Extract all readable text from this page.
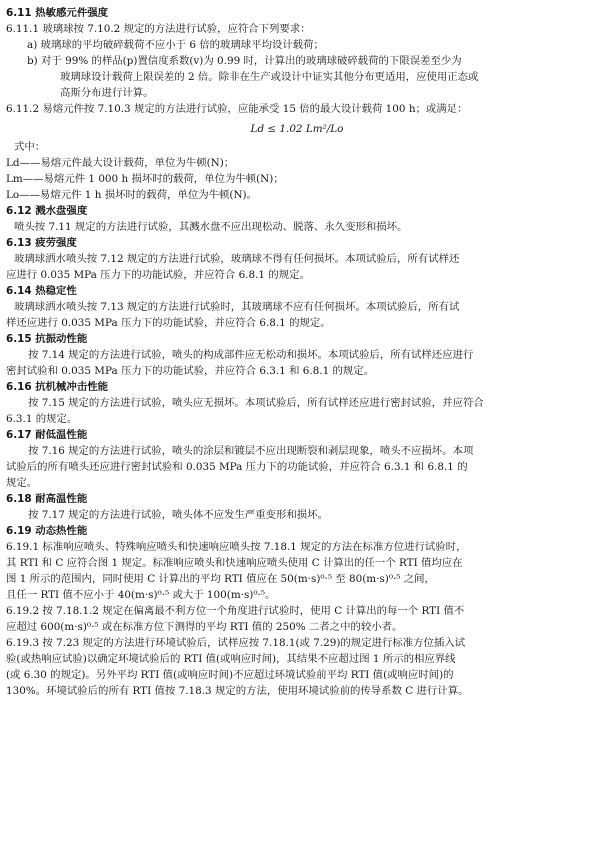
6.11 热敏感元件强度
6.11.1 玻璃球按 7.10.2 规定的方法进行试验，应符合下列要求：
a) 玻璃球的平均破碎载荷不应小于 6 倍的玻璃球平均设计载荷；
b) 对于 99% 的样品(p)置信度系数(v)为 0.99 时，计算出的玻璃球破碎载荷的下限误差至少为
玻璃球设计载荷上限误差的 2 倍。除非在生产或设计中证实其他分布更适用，应使用正态或
高斯分布进行计算。
6.11.2 易熔元件按 7.10.3 规定的方法进行试验，应能承受 15 倍的最大设计载荷 100 h；或满足：
Ld ≤ 1.02 Lm²/Lo
式中：
Ld——易熔元件最大设计载荷，单位为牛顿(N)；
Lm——易熔元件 1 000 h 损坏时的载荷，单位为牛顿(N)；
Lo——易熔元件 1 h 损坏时的载荷，单位为牛顿(N)。
6.12 溅水盘强度
喷头按 7.11 规定的方法进行试验，其溅水盘不应出现松动、脱落、永久变形和损坏。
6.13 疲劳强度
玻璃球洒水喷头按 7.12 规定的方法进行试验，玻璃球不得有任何损坏。本项试验后，所有试样还
应进行 0.035 MPa 压力下的功能试验，并应符合 6.8.1 的规定。
6.14 热稳定性
玻璃球洒水喷头按 7.13 规定的方法进行试验时，其玻璃球不应有任何损坏。本项试验后，所有试
样还应进行 0.035 MPa 压力下的功能试验，并应符合 6.8.1 的规定。
6.15 抗振动性能
按 7.14 规定的方法进行试验，喷头的构成部件应无松动和损坏。本项试验后，所有试样还应进行
密封试验和 0.035 MPa 压力下的功能试验，并应符合 6.3.1 和 6.8.1 的规定。
6.16 抗机械冲击性能
按 7.15 规定的方法进行试验，喷头应无损坏。本项试验后，所有试样还应进行密封试验，并应符合
6.3.1 的规定。
6.17 耐低温性能
按 7.16 规定的方法进行试验，喷头的涂层和镀层不应出现断裂和剥层现象，喷头不应损坏。本项
试验后的所有喷头还应进行密封试验和 0.035 MPa 压力下的功能试验，并应符合 6.3.1 和 6.8.1 的
规定。
6.18 耐高温性能
按 7.17 规定的方法进行试验，喷头体不应发生严重变形和损坏。
6.19 动态热性能
6.19.1 标准响应喷头、特殊响应喷头和快速响应喷头按 7.18.1 规定的方法在标准方位进行试验时，
其 RTI 和 C 应符合图 1 规定。标准响应喷头和快速响应喷头使用 C 计算出的任一个 RTI 值均应在
图 1 所示的范围内，同时使用 C 计算出的平均 RTI 值应在 50(m·s)⁰·⁵ 至 80(m·s)⁰·⁵ 之间，
且任一 RTI 值不应小于 40(m·s)⁰·⁵ 或大于 100(m·s)⁰·⁵。
6.19.2 按 7.18.1.2 规定在偏离最不利方位一个角度进行试验时，使用 C 计算出的每一个 RTI 值不
应超过 600(m·s)⁰·⁵ 或在标准方位下测得的平均 RTI 值的 250% 二者之中的较小者。
6.19.3 按 7.23 规定的方法进行环境试验后，试样应按 7.18.1(或 7.29)的规定进行标准方位插入试
验(或热响应试验)以确定环境试验后的 RTI 值(或响应时间)，其结果不应超过图 1 所示的相应界线
(或 6.30 的规定)。另外平均 RTI 值(或响应时间)不应超过环境试验前平均 RTI 值(或响应时间)的
130%。环境试验后的所有 RTI 值按 7.18.3 规定的方法，使用环境试验前的传导系数 C 进行计算。
